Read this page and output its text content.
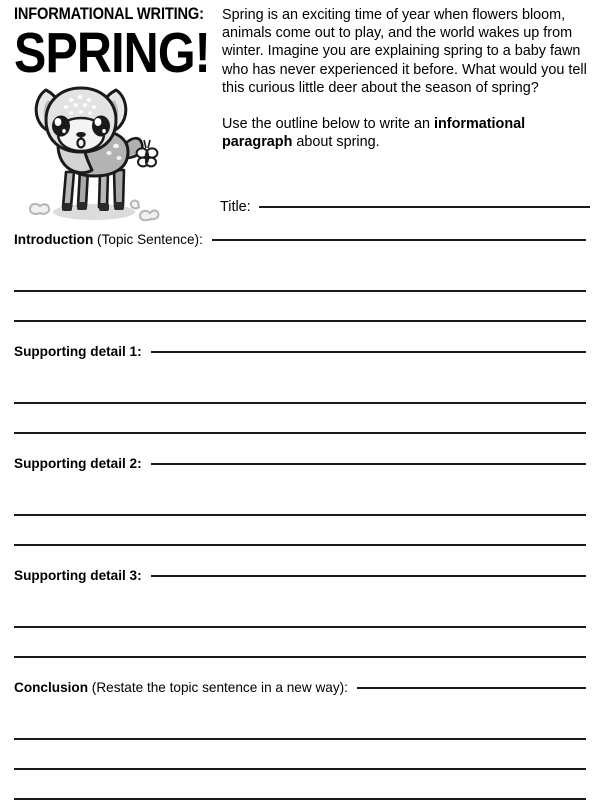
INFORMATIONAL WRITING:
SPRING!

Spring is an exciting time of year when flowers bloom, animals come out to play, and the world wakes up from winter. Imagine you are explaining spring to a baby fawn who has never experienced it before. What would you tell this curious little deer about the season of spring?

Use the outline below to write an informational paragraph about spring.

Title:
Introduction (Topic Sentence):
Supporting detail 1:
Supporting detail 2:
Supporting detail 3:
Conclusion (Restate the topic sentence in a new way):
